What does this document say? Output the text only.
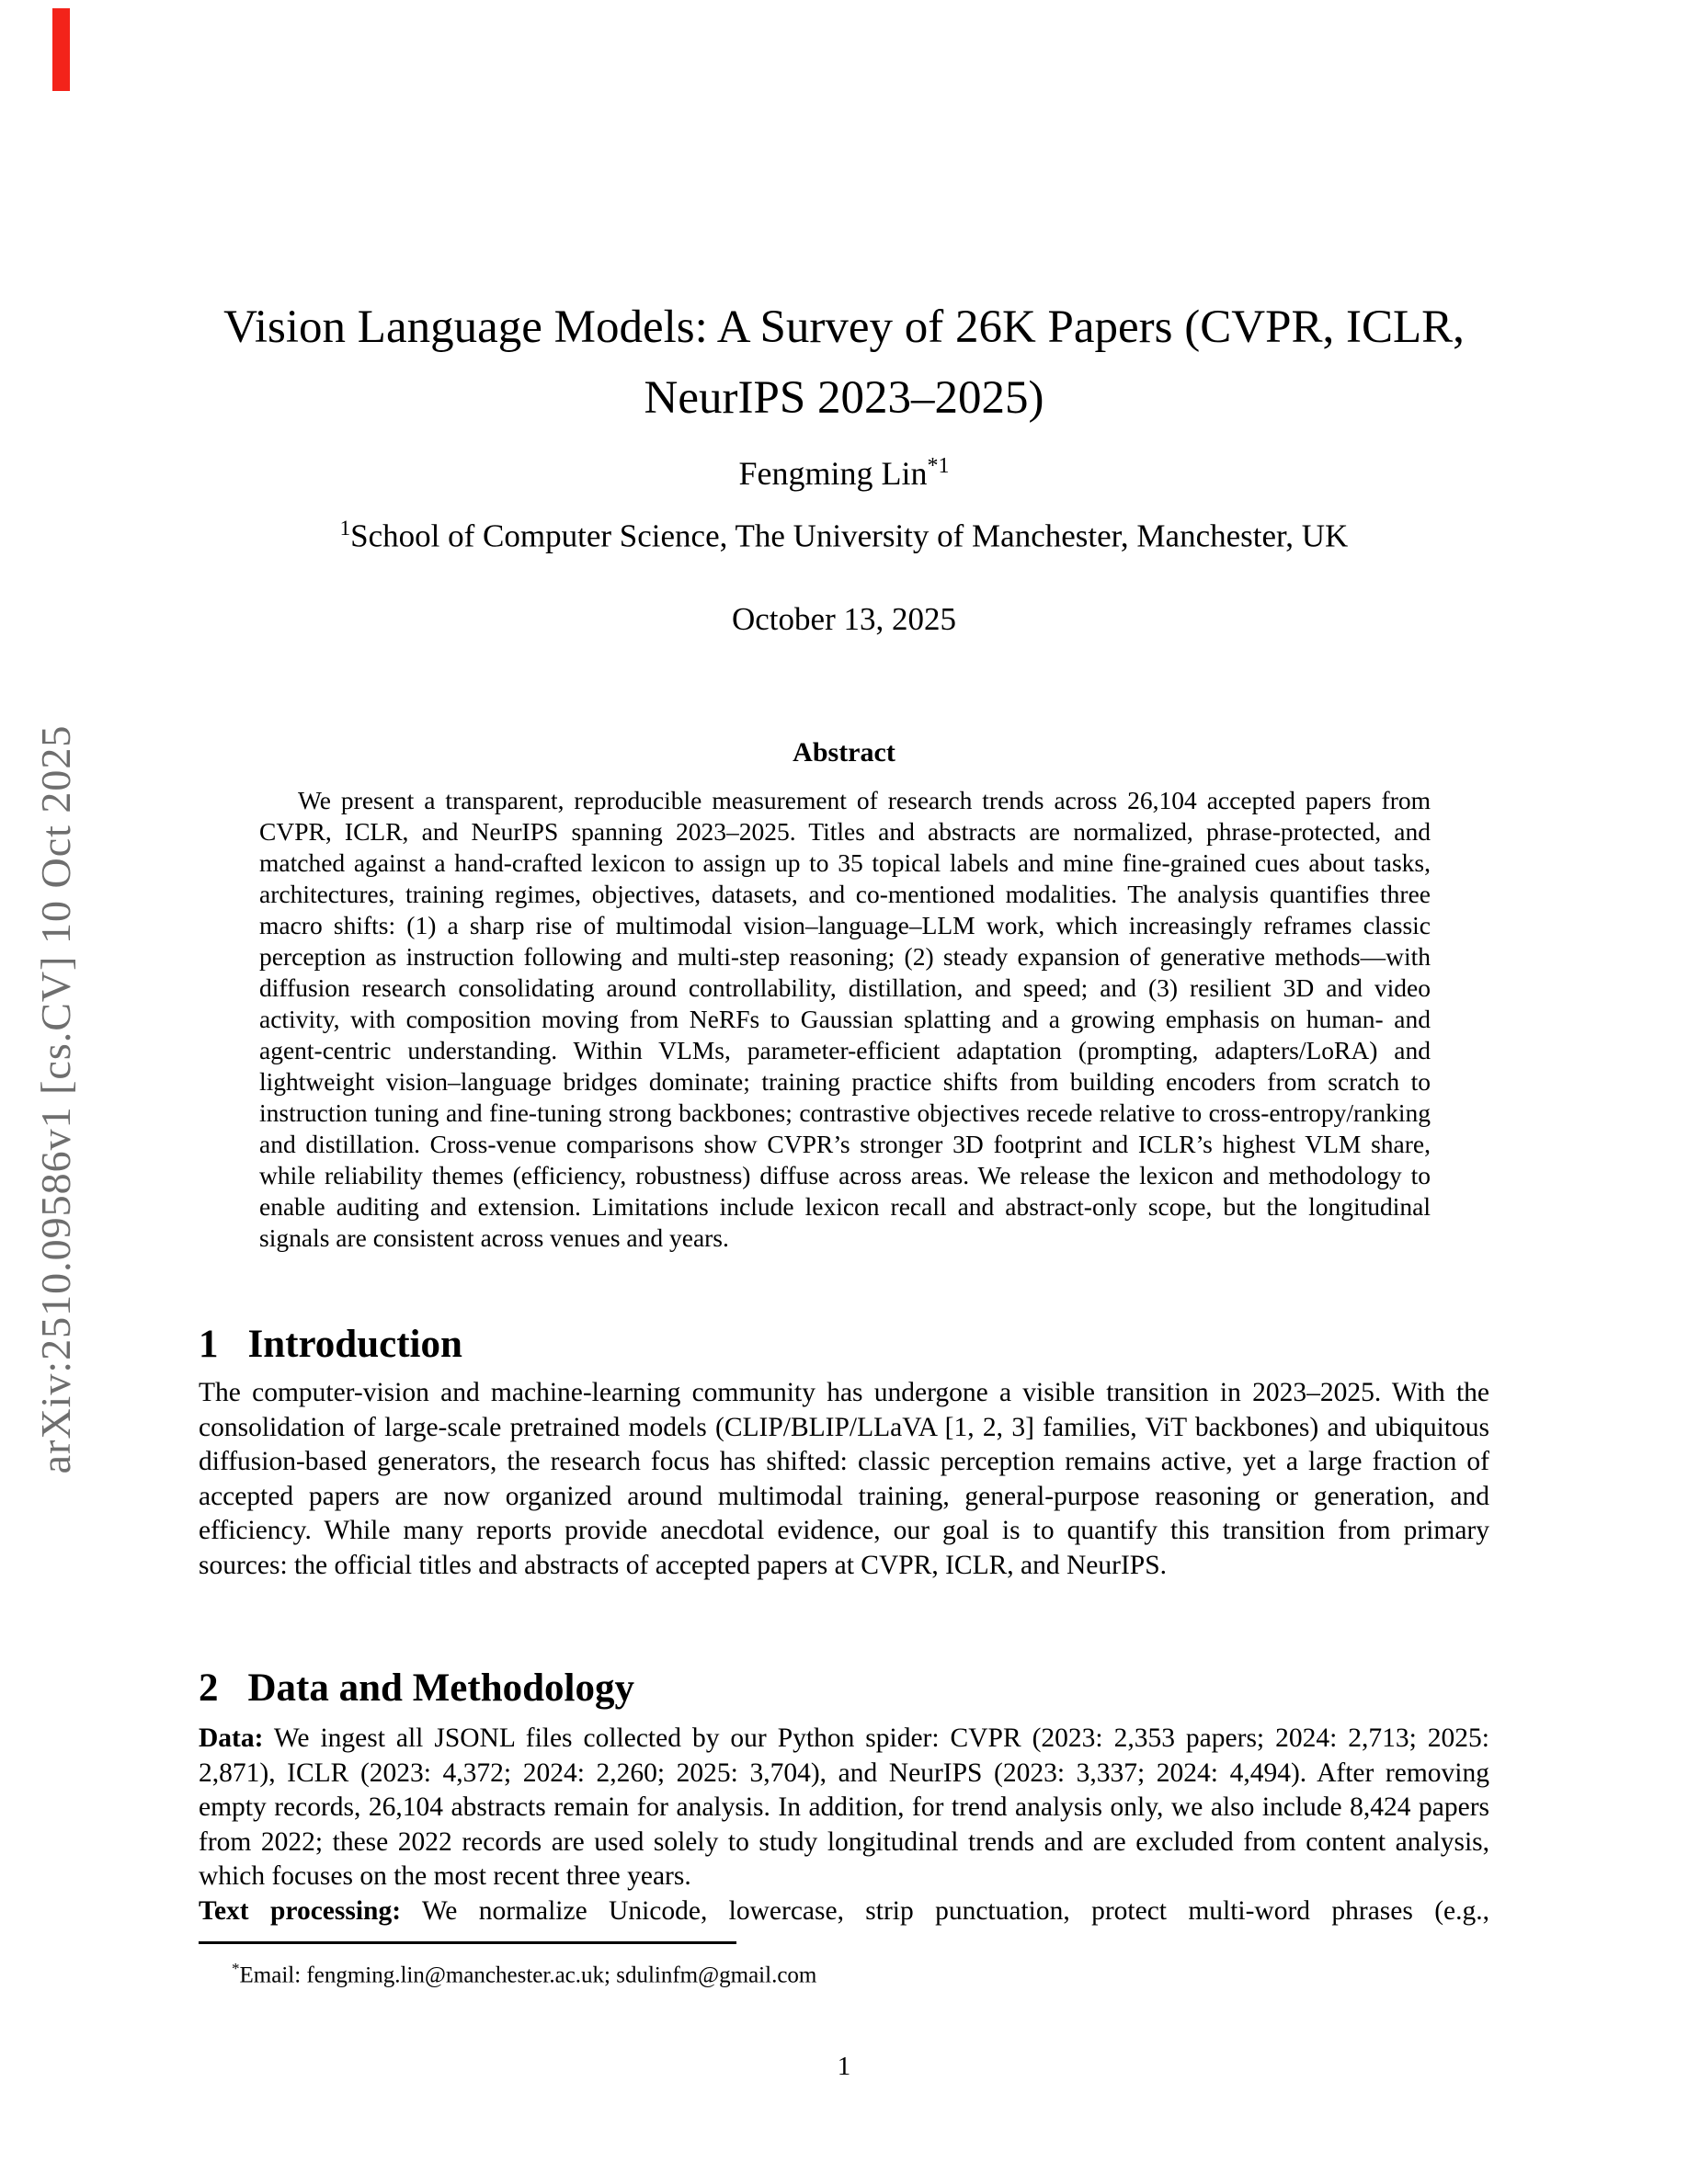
arXiv:2510.09586v1 [cs.CV] 10 Oct 2025
Vision Language Models: A Survey of 26K Papers (CVPR, ICLR, NeurIPS 2023–2025)
Fengming Lin$^{*1}$
$^1$School of Computer Science, The University of Manchester, Manchester, UK
October 13, 2025
Abstract
We present a transparent, reproducible measurement of research trends across 26,104 accepted papers from CVPR, ICLR, and NeurIPS spanning 2023–2025. Titles and abstracts are normalized, phrase-protected, and matched against a hand-crafted lexicon to assign up to 35 topical labels and mine fine-grained cues about tasks, architectures, training regimes, objectives, datasets, and co-mentioned modalities. The analysis quantifies three macro shifts: (1) a sharp rise of multimodal vision–language–LLM work, which increasingly reframes classic perception as instruction following and multi-step reasoning; (2) steady expansion of generative methods—with diffusion research consolidating around controllability, distillation, and speed; and (3) resilient 3D and video activity, with composition moving from NeRFs to Gaussian splatting and a growing emphasis on human- and agent-centric understanding. Within VLMs, parameter-efficient adaptation (prompting, adapters/LoRA) and lightweight vision–language bridges dominate; training practice shifts from building encoders from scratch to instruction tuning and fine-tuning strong backbones; contrastive objectives recede relative to cross-entropy/ranking and distillation. Cross-venue comparisons show CVPR’s stronger 3D footprint and ICLR’s highest VLM share, while reliability themes (efficiency, robustness) diffuse across areas. We release the lexicon and methodology to enable auditing and extension. Limitations include lexicon recall and abstract-only scope, but the longitudinal signals are consistent across venues and years.
1 Introduction

The computer-vision and machine-learning community has undergone a visible transition in 2023–2025. With the consolidation of large-scale pretrained models (CLIP/BLIP/LLaVA [1, 2, 3] families, ViT backbones) and ubiquitous diffusion-based generators, the research focus has shifted: classic perception remains active, yet a large fraction of accepted papers are now organized around multimodal training, general-purpose reasoning or generation, and efficiency. While many reports provide anecdotal evidence, our goal is to quantify this transition from primary sources: the official titles and abstracts of accepted papers at CVPR, ICLR, and NeurIPS.

2 Data and Methodology

Data: We ingest all JSONL files collected by our Python spider: CVPR (2023: 2,353 papers; 2024: 2,713; 2025: 2,871), ICLR (2023: 4,372; 2024: 2,260; 2025: 3,704), and NeurIPS (2023: 3,337; 2024: 4,494). After removing empty records, 26,104 abstracts remain for analysis. In addition, for trend analysis only, we also include 8,424 papers from 2022; these 2022 records are used solely to study longitudinal trends and are excluded from content analysis, which focuses on the most recent three years.

Text processing: We normalize Unicode, lowercase, strip punctuation, protect multi-word phrases (e.g.,

*Email: fengming.lin@manchester.ac.uk; sdulinfm@gmail.com
1
